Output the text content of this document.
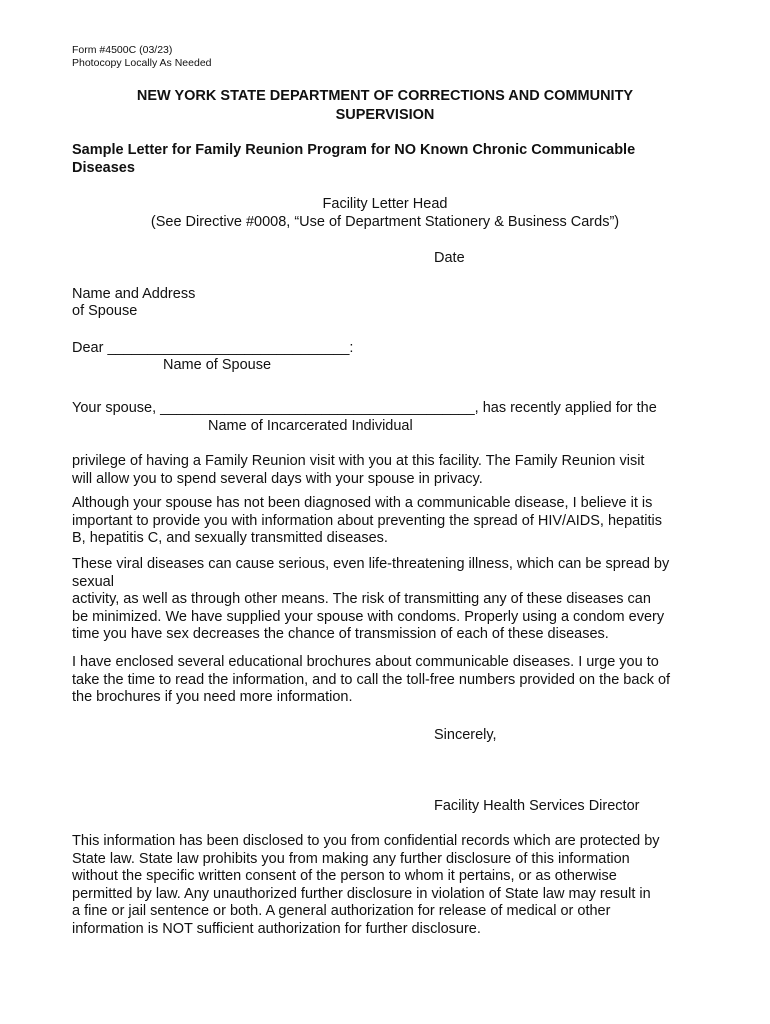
Form #4500C (03/23)
Photocopy Locally As Needed
NEW YORK STATE DEPARTMENT OF CORRECTIONS AND COMMUNITY
SUPERVISION
Sample Letter for Family Reunion Program for NO Known Chronic Communicable
Diseases
Facility Letter Head
(See Directive #0008, “Use of Department Stationery & Business Cards”)
Date
Name and Address
of Spouse
Dear ______________________________:
Name of Spouse
Your spouse, _______________________________________, has recently applied for the
Name of Incarcerated Individual
privilege of having a Family Reunion visit with you at this facility. The Family Reunion visit
will allow you to spend several days with your spouse in privacy.
Although your spouse has not been diagnosed with a communicable disease, I believe it is
important to provide you with information about preventing the spread of HIV/AIDS, hepatitis
B, hepatitis C, and sexually transmitted diseases.
These viral diseases can cause serious, even life-threatening illness, which can be spread by
sexual
activity, as well as through other means. The risk of transmitting any of these diseases can
be minimized. We have supplied your spouse with condoms. Properly using a condom every
time you have sex decreases the chance of transmission of each of these diseases.
I have enclosed several educational brochures about communicable diseases. I urge you to
take the time to read the information, and to call the toll-free numbers provided on the back of
the brochures if you need more information.
Sincerely,
Facility Health Services Director
This information has been disclosed to you from confidential records which are protected by
State law. State law prohibits you from making any further disclosure of this information
without the specific written consent of the person to whom it pertains, or as otherwise
permitted by law. Any unauthorized further disclosure in violation of State law may result in
a fine or jail sentence or both. A general authorization for release of medical or other
information is NOT sufficient authorization for further disclosure.
